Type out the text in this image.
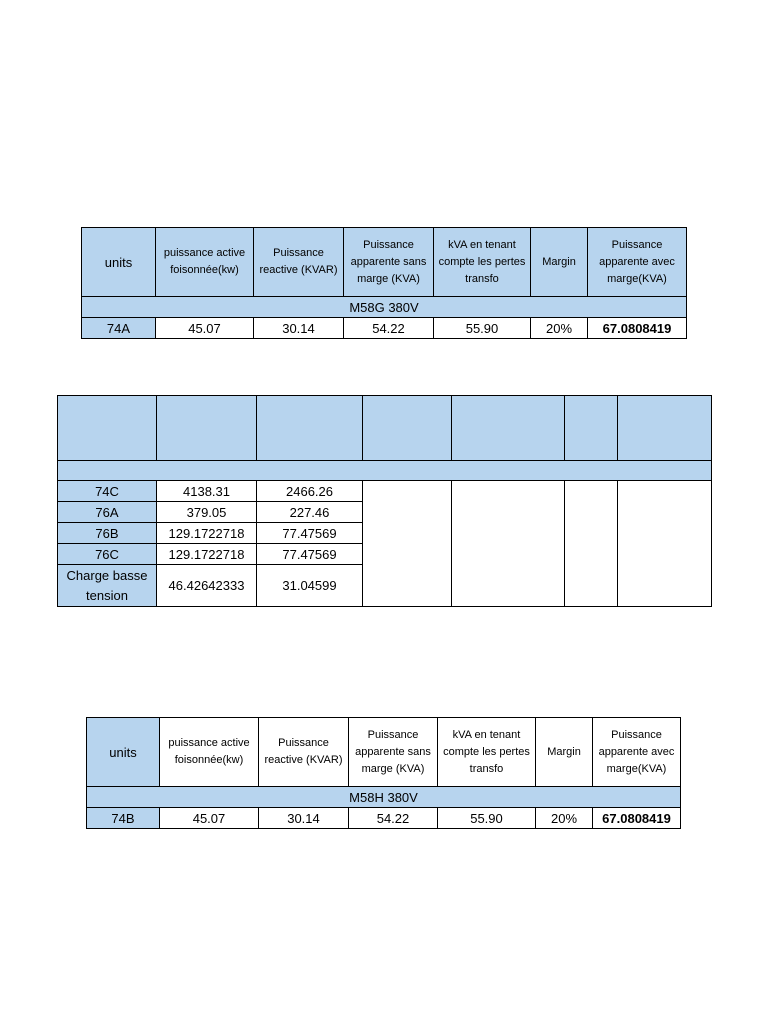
units	puissance active foisonnée(kw)	Puissance reactive (KVAR)	Puissance apparente sans marge (KVA)	kVA en tenant compte les pertes transfo	Margin	Puissance apparente avec marge(KVA)
M58G 380V						
74A	45.07	30.14	54.22	55.90	20%	67.0808419

74C	4138.31	2466.26				
76A	379.05	227.46				
76B	129.1722718	77.47569				
76C	129.1722718	77.47569				
Charge basse tension	46.42642333	31.04599				
units	puissance active foisonnée(kw)	Puissance reactive (KVAR)	Puissance apparente sans marge (KVA)	kVA en tenant compte les pertes transfo	Margin	Puissance apparente avec marge(KVA)
M58H 380V						
74B	45.07	30.14	54.22	55.90	20%	67.0808419
